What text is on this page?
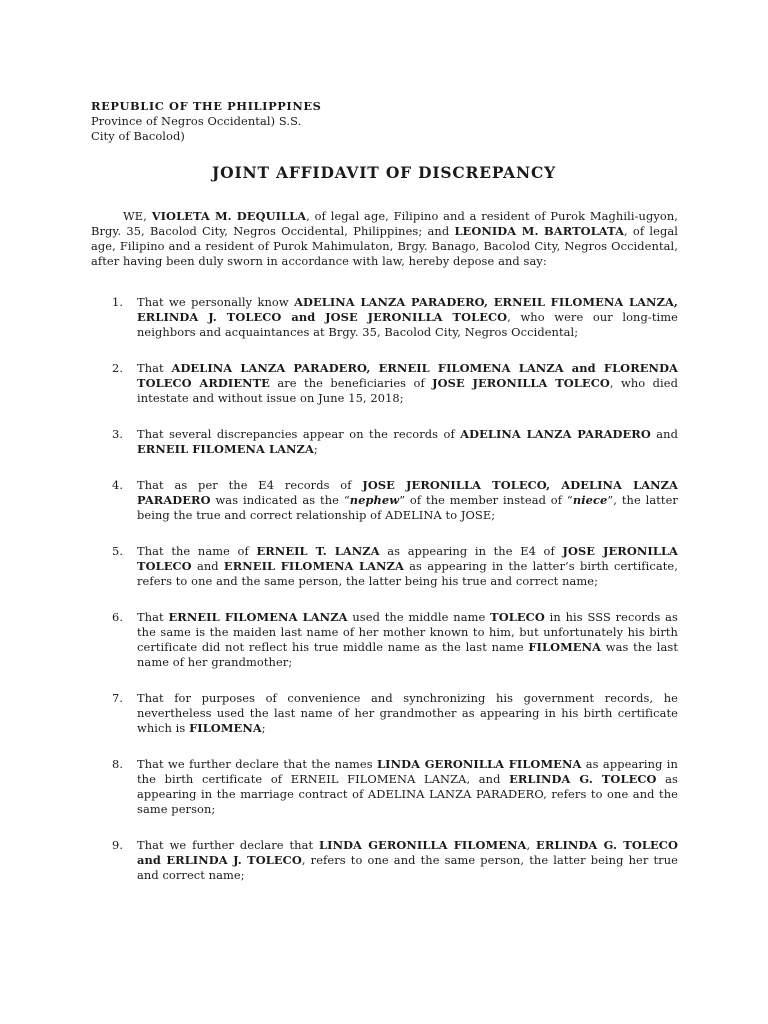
REPUBLIC OF THE PHILIPPINES
Province of Negros Occidental) S.S.
City of Bacolod)
JOINT AFFIDAVIT OF DISCREPANCY

WE, VIOLETA M. DEQUILLA, of legal age, Filipino and a resident of Purok Maghili-ugyon, Brgy. 35, Bacolod City, Negros Occidental, Philippines; and LEONIDA M. BARTOLATA, of legal age, Filipino and a resident of Purok Mahimulaton, Brgy. Banago, Bacolod City, Negros Occidental, after having been duly sworn in accordance with law, hereby depose and say:

1. That we personally know ADELINA LANZA PARADERO, ERNEIL FILOMENA LANZA, ERLINDA J. TOLECO and JOSE JERONILLA TOLECO, who were our long-time neighbors and acquaintances at Brgy. 35, Bacolod City, Negros Occidental;
2. That ADELINA LANZA PARADERO, ERNEIL FILOMENA LANZA and FLORENDA TOLECO ARDIENTE are the beneficiaries of JOSE JERONILLA TOLECO, who died intestate and without issue on June 15, 2018;
3. That several discrepancies appear on the records of ADELINA LANZA PARADERO and ERNEIL FILOMENA LANZA;
4. That as per the E4 records of JOSE JERONILLA TOLECO, ADELINA LANZA PARADERO was indicated as the “nephew” of the member instead of “niece”, the latter being the true and correct relationship of ADELINA to JOSE;
5. That the name of ERNEIL T. LANZA as appearing in the E4 of JOSE JERONILLA TOLECO and ERNEIL FILOMENA LANZA as appearing in the latter’s birth certificate, refers to one and the same person, the latter being his true and correct name;
6. That ERNEIL FILOMENA LANZA used the middle name TOLECO in his SSS records as the same is the maiden last name of her mother known to him, but unfortunately his birth certificate did not reflect his true middle name as the last name FILOMENA was the last name of her grandmother;
7. That for purposes of convenience and synchronizing his government records, he nevertheless used the last name of her grandmother as appearing in his birth certificate which is FILOMENA;
8. That we further declare that the names LINDA GERONILLA FILOMENA as appearing in the birth certificate of ERNEIL FILOMENA LANZA, and ERLINDA G. TOLECO as appearing in the marriage contract of ADELINA LANZA PARADERO, refers to one and the same person;
9. That we further declare that LINDA GERONILLA FILOMENA, ERLINDA G. TOLECO and ERLINDA J. TOLECO, refers to one and the same person, the latter being her true and correct name;
